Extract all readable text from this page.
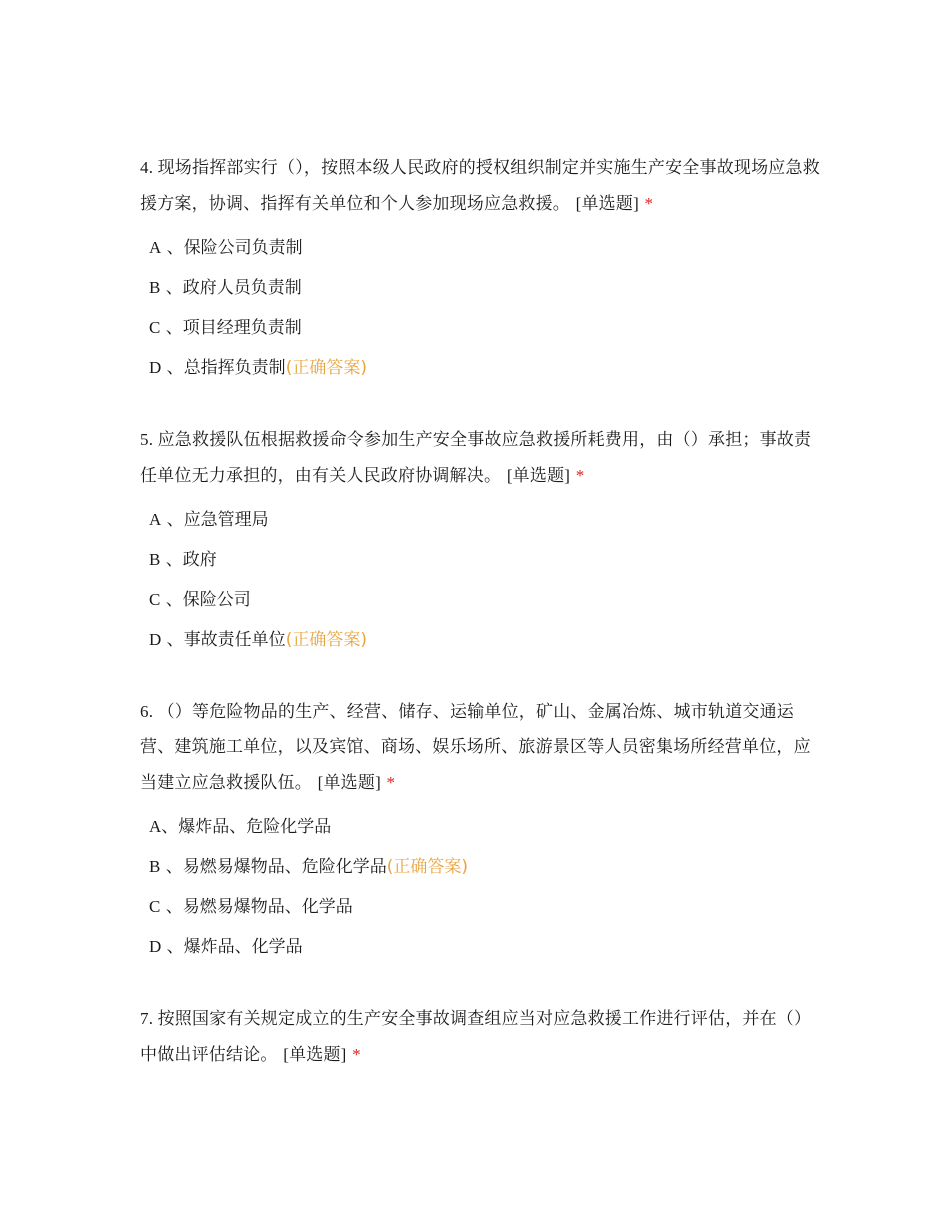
4. 现场指挥部实行（），按照本级人民政府的授权组织制定并实施生产安全事故现场应急救援方案，协调、指挥有关单位和个人参加现场应急救援。 [单选题] *

A 、保险公司负责制
B 、政府人员负责制
C 、项目经理负责制
D 、总指挥负责制(正确答案)

5. 应急救援队伍根据救援命令参加生产安全事故应急救援所耗费用，由（）承担；事故责任单位无力承担的，由有关人民政府协调解决。 [单选题] *

A 、应急管理局
B 、政府
C 、保险公司
D 、事故责任单位(正确答案)

6. （）等危险物品的生产、经营、储存、运输单位，矿山、金属冶炼、城市轨道交通运营、建筑施工单位，以及宾馆、商场、娱乐场所、旅游景区等人员密集场所经营单位，应当建立应急救援队伍。 [单选题] *

A、爆炸品、危险化学品
B 、易燃易爆物品、危险化学品(正确答案)
C 、易燃易爆物品、化学品
D 、爆炸品、化学品

7. 按照国家有关规定成立的生产安全事故调查组应当对应急救援工作进行评估，并在（）中做出评估结论。 [单选题] *
